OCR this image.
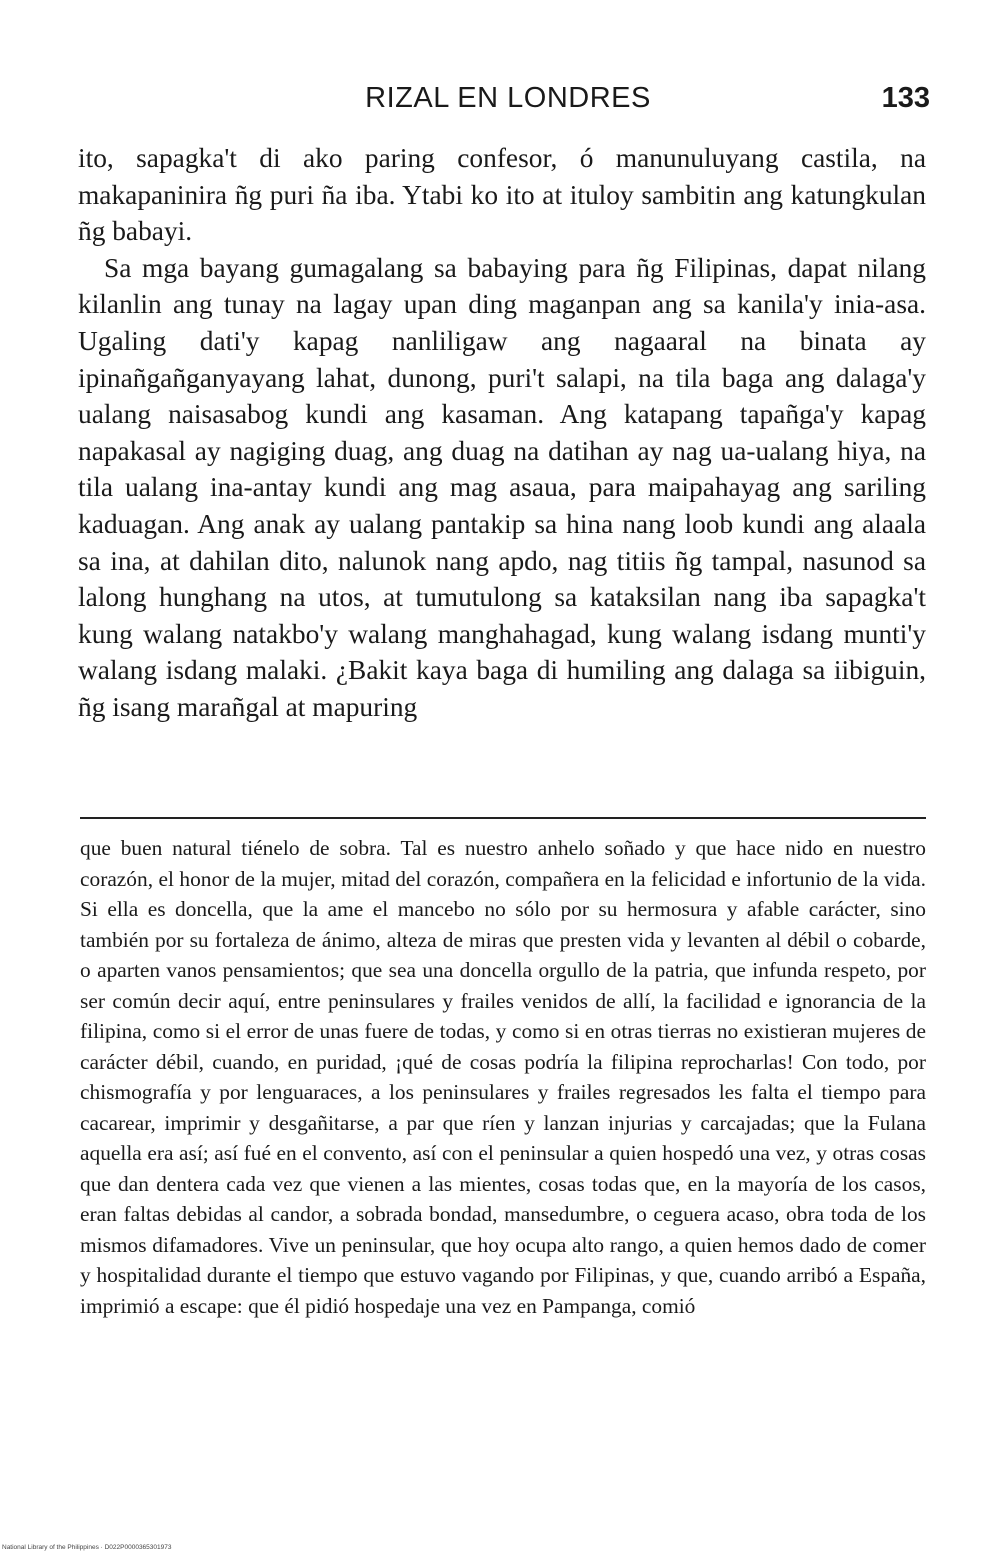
RIZAL EN LONDRES	133

ito, sapagka't di ako paring confesor, ó manunuluyang castila, na makapaninira ñg puri ña iba. Ytabi ko ito at ituloy sambitin ang katungkulan ñg babayi.

Sa mga bayang gumagalang sa babaying para ñg Filipinas, dapat nilang kilanlin ang tunay na lagay upan ding maganpan ang sa kanila'y inia-asa. Ugaling dati'y kapag nanliligaw ang nagaaral na binata ay ipinañgañganyayang lahat, dunong, puri't salapi, na tila baga ang dalaga'y ualang naisasabog kundi ang kasaman. Ang katapang tapañga'y kapag napakasal ay nagiging duag, ang duag na datihan ay nag ua-ualang hiya, na tila ualang ina-antay kundi ang mag asaua, para maipahayag ang sariling kaduagan. Ang anak ay ualang pantakip sa hina nang loob kundi ang alaala sa ina, at dahilan dito, nalunok nang apdo, nag titiis ñg tampal, nasunod sa lalong hunghang na utos, at tumutulong sa kataksilan nang iba sapagka't kung walang natakbo'y walang manghahagad, kung walang isdang munti'y walang isdang malaki. ¿Bakit kaya baga di humiling ang dalaga sa iibiguin, ñg isang marañgal at mapuring

que buen natural tiénelo de sobra. Tal es nuestro anhelo soñado y que hace nido en nuestro corazón, el honor de la mujer, mitad del corazón, compañera en la felicidad e infortunio de la vida. Si ella es doncella, que la ame el mancebo no sólo por su hermosura y afable carácter, sino también por su fortaleza de ánimo, alteza de miras que presten vida y levanten al débil o cobarde, o aparten vanos pensamientos; que sea una doncella orgullo de la patria, que infunda respeto, por ser común decir aquí, entre peninsulares y frailes venidos de allí, la facilidad e ignorancia de la filipina, como si el error de unas fuere de todas, y como si en otras tierras no existieran mujeres de carácter débil, cuando, en puridad, ¡qué de cosas podría la filipina reprocharlas! Con todo, por chismografía y por lenguaraces, a los peninsulares y frailes regresados les falta el tiempo para cacarear, imprimir y desgañitarse, a par que ríen y lanzan injurias y carcajadas; que la Fulana aquella era así; así fué en el convento, así con el peninsular a quien hospedó una vez, y otras cosas que dan dentera cada vez que vienen a las mientes, cosas todas que, en la mayoría de los casos, eran faltas debidas al candor, a sobrada bondad, mansedumbre, o ceguera acaso, obra toda de los mismos difamadores. Vive un peninsular, que hoy ocupa alto rango, a quien hemos dado de comer y hospitalidad durante el tiempo que estuvo vagando por Filipinas, y que, cuando arribó a España, imprimió a escape: que él pidió hospedaje una vez en Pampanga, comió

National Library of the Philippines · D022P0000365301973
